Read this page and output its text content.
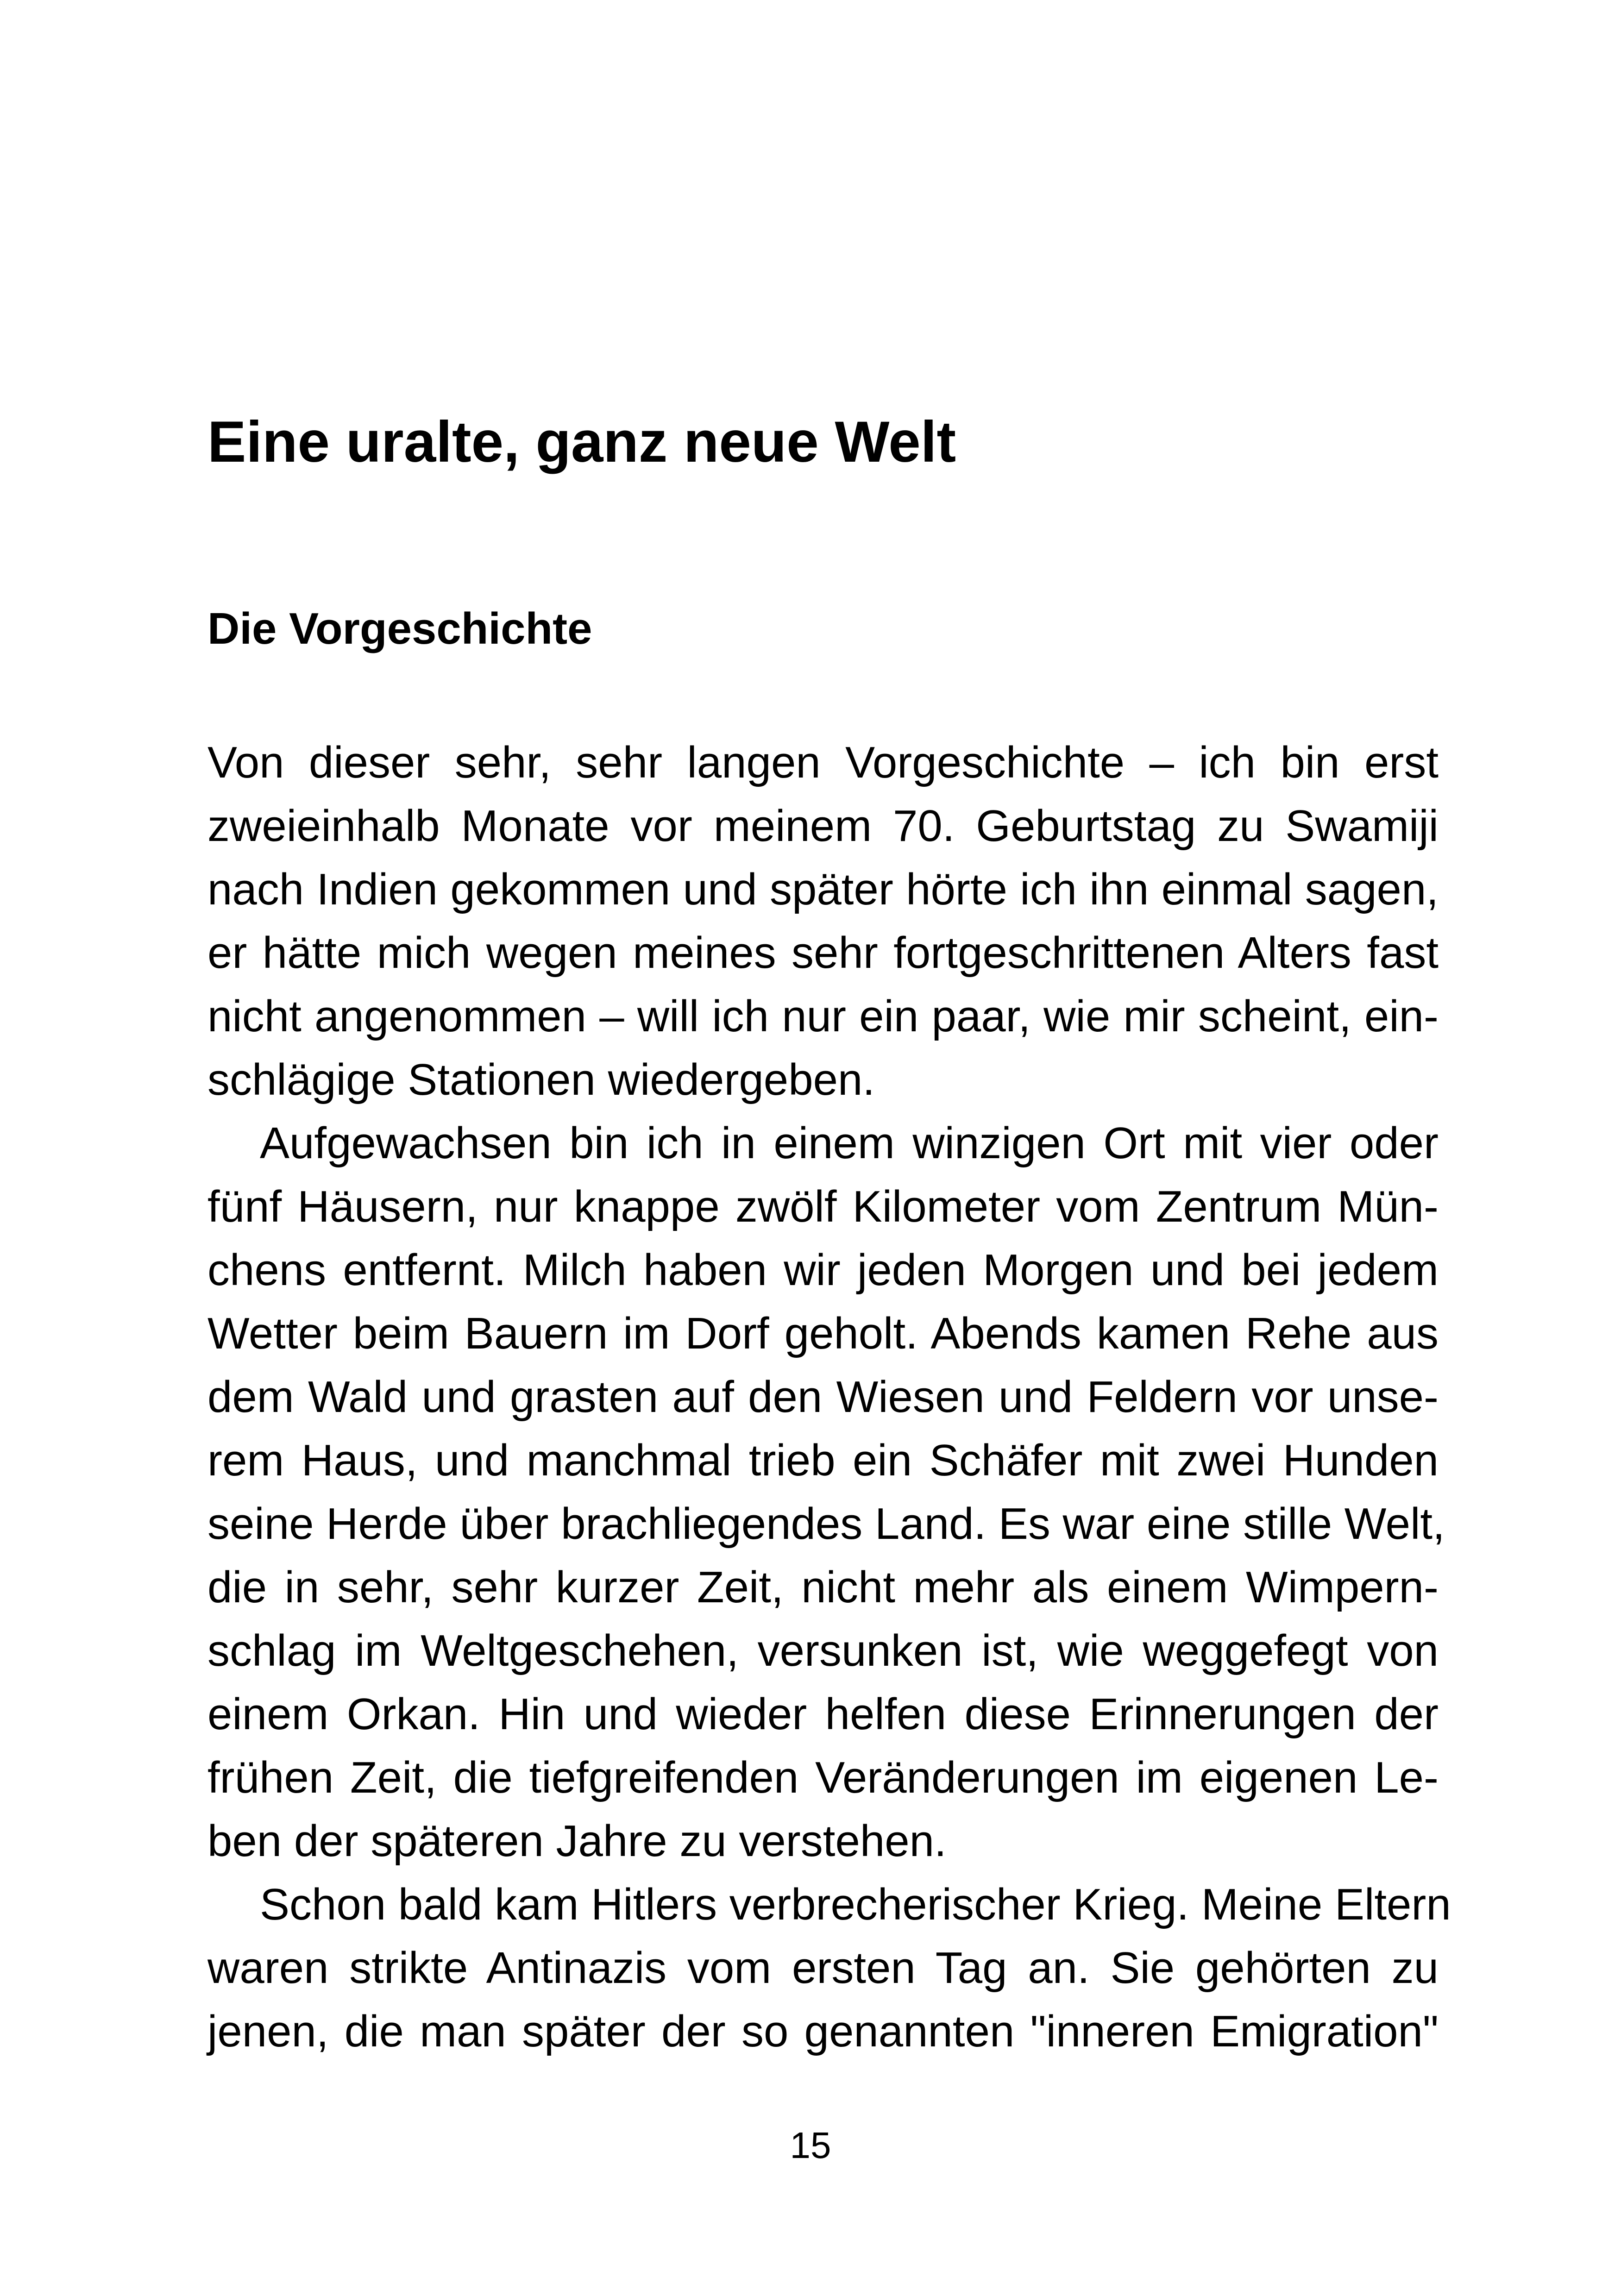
Eine uralte, ganz neue Welt
Die Vorgeschichte

Von dieser sehr, sehr langen Vorgeschichte – ich bin erst
zweieinhalb Monate vor meinem 70. Geburtstag zu Swamiji
nach Indien gekommen und später hörte ich ihn einmal sagen,
er hätte mich wegen meines sehr fortgeschrittenen Alters fast
nicht angenommen – will ich nur ein paar, wie mir scheint, ein-
schlägige Stationen wiedergeben.

Aufgewachsen bin ich in einem winzigen Ort mit vier oder
fünf Häusern, nur knappe zwölf Kilometer vom Zentrum Mün-
chens entfernt. Milch haben wir jeden Morgen und bei jedem
Wetter beim Bauern im Dorf geholt. Abends kamen Rehe aus
dem Wald und grasten auf den Wiesen und Feldern vor unse-
rem Haus, und manchmal trieb ein Schäfer mit zwei Hunden
seine Herde über brachliegendes Land. Es war eine stille Welt,
die in sehr, sehr kurzer Zeit, nicht mehr als einem Wimpern-
schlag im Weltgeschehen, versunken ist, wie weggefegt von
einem Orkan. Hin und wieder helfen diese Erinnerungen der
frühen Zeit, die tiefgreifenden Veränderungen im eigenen Le-
ben der späteren Jahre zu verstehen.

Schon bald kam Hitlers verbrecherischer Krieg. Meine Eltern
waren strikte Antinazis vom ersten Tag an. Sie gehörten zu
jenen, die man später der so genannten "inneren Emigration"

15
